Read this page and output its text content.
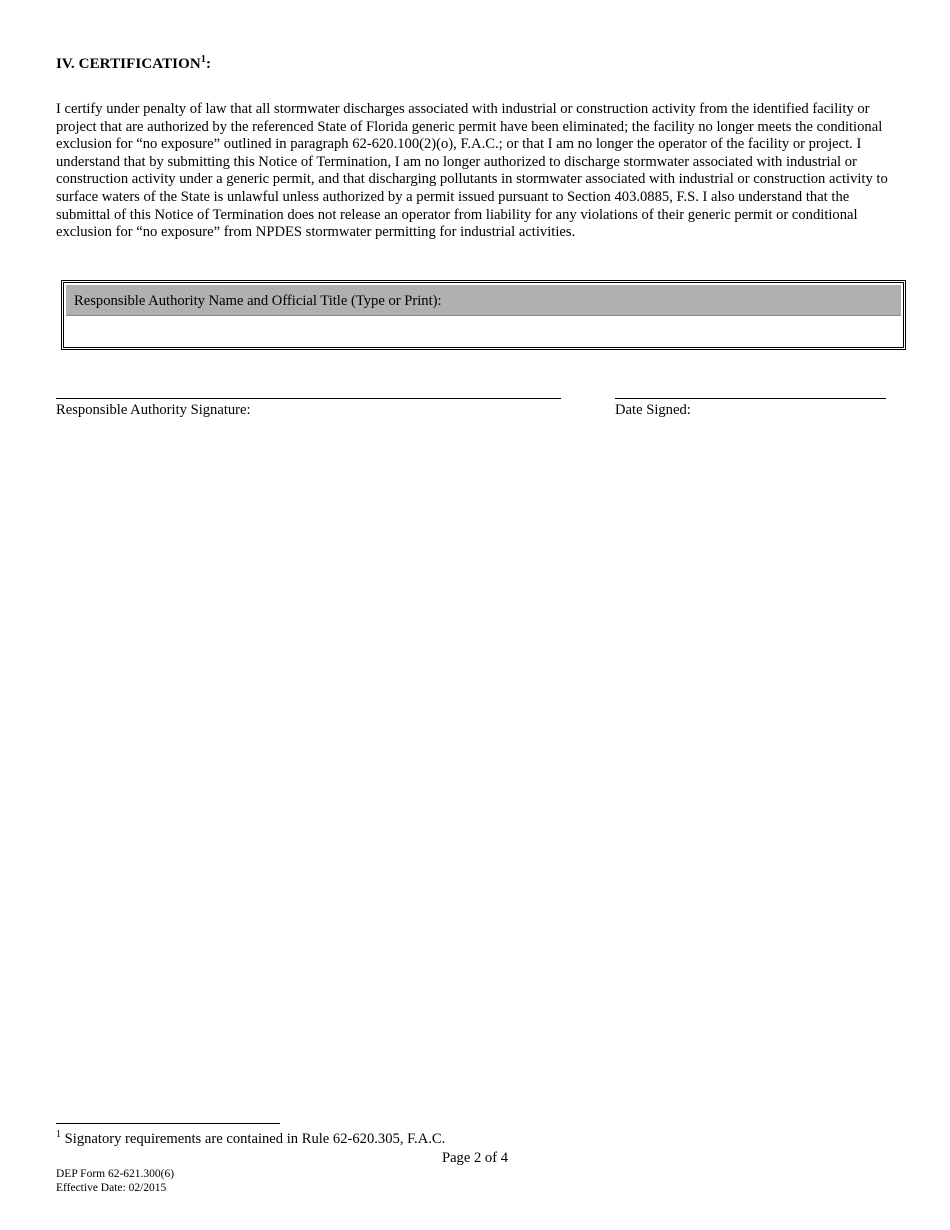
IV. CERTIFICATION$^1$:

I certify under penalty of law that all stormwater discharges associated with industrial or construction activity from the identified facility or project that are authorized by the referenced State of Florida generic permit have been eliminated; the facility no longer meets the conditional exclusion for “no exposure” outlined in paragraph 62-620.100(2)(o), F.A.C.; or that I am no longer the operator of the facility or project. I understand that by submitting this Notice of Termination, I am no longer authorized to discharge stormwater associated with industrial or construction activity under a generic permit, and that discharging pollutants in stormwater associated with industrial or construction activity to surface waters of the State is unlawful unless authorized by a permit issued pursuant to Section 403.0885, F.S. I also understand that the submittal of this Notice of Termination does not release an operator from liability for any violations of their generic permit or conditional exclusion for “no exposure” from NPDES stormwater permitting for industrial activities.

Responsible Authority Name and Official Title (Type or Print):
Responsible Authority Signature:	Date Signed:
$^1$ Signatory requirements are contained in Rule 62-620.305, F.A.C.
Page 2 of 4
DEP Form 62-621.300(6)
Effective Date: 02/2015
